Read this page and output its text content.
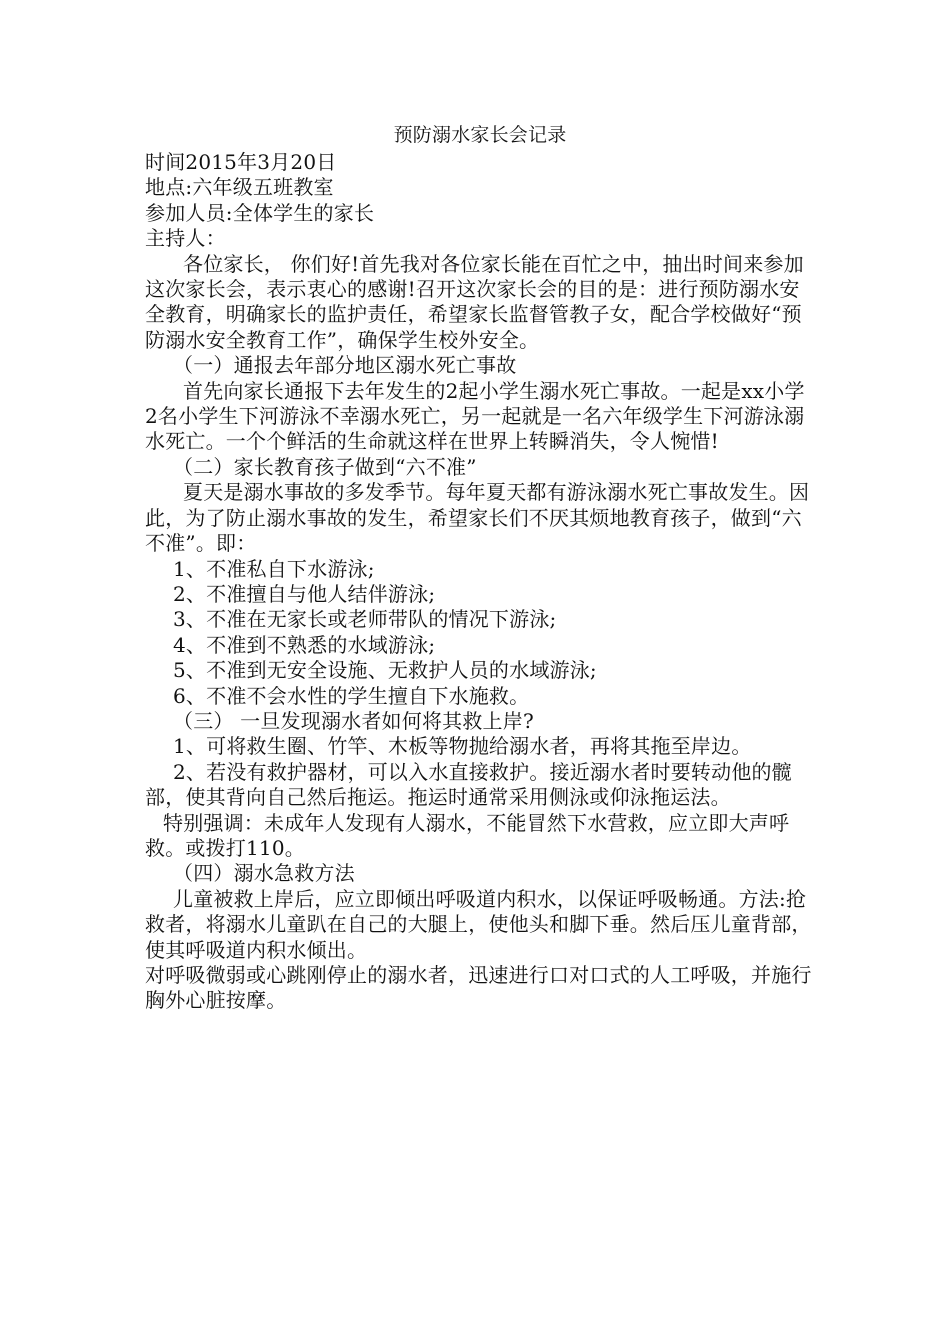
预防溺水家长会记录

时间2015年3月20日

地点:六年级五班教室

参加人员:全体学生的家长

主持人：

各位家长， 你们好!首先我对各位家长能在百忙之中，抽出时间来参加这次家长会，表示衷心的感谢!召开这次家长会的目的是：进行预防溺水安全教育，明确家长的监护责任，希望家长监督管教子女，配合学校做好“预防溺水安全教育工作”，确保学生校外安全。

（一）通报去年部分地区溺水死亡事故

首先向家长通报下去年发生的2起小学生溺水死亡事故。一起是xx小学2名小学生下河游泳不幸溺水死亡，另一起就是一名六年级学生下河游泳溺水死亡。一个个鲜活的生命就这样在世界上转瞬消失，令人惋惜!

（二）家长教育孩子做到“六不准”

夏天是溺水事故的多发季节。每年夏天都有游泳溺水死亡事故发生。因此，为了防止溺水事故的发生，希望家长们不厌其烦地教育孩子，做到“六不准”。即：

1、不准私自下水游泳;

2、不准擅自与他人结伴游泳;

3、不准在无家长或老师带队的情况下游泳;

4、不准到不熟悉的水域游泳;

5、不准到无安全设施、无救护人员的水域游泳;

6、不准不会水性的学生擅自下水施救。

（三） 一旦发现溺水者如何将其救上岸?

1、可将救生圈、竹竿、木板等物抛给溺水者，再将其拖至岸边。

2、若没有救护器材，可以入水直接救护。接近溺水者时要转动他的髋部，使其背向自己然后拖运。拖运时通常采用侧泳或仰泳拖运法。

特别强调：未成年人发现有人溺水，不能冒然下水营救，应立即大声呼救。或拨打110。

（四）溺水急救方法

儿童被救上岸后，应立即倾出呼吸道内积水，以保证呼吸畅通。方法:抢救者，将溺水儿童趴在自己的大腿上，使他头和脚下垂。然后压儿童背部，使其呼吸道内积水倾出。

对呼吸微弱或心跳刚停止的溺水者，迅速进行口对口式的人工呼吸，并施行胸外心脏按摩。
